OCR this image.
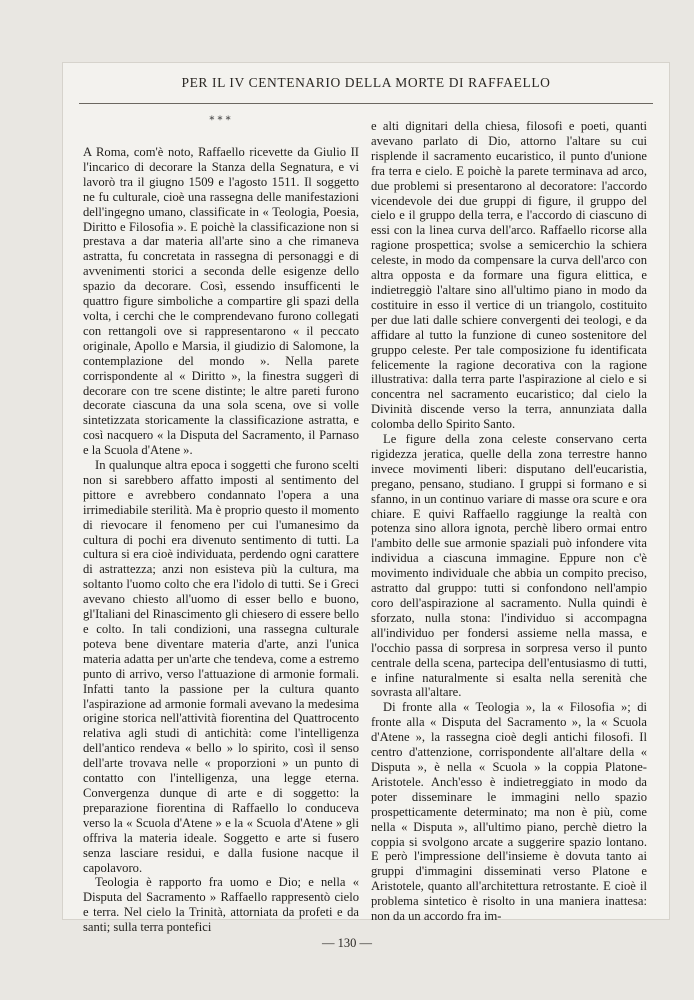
PER IL IV CENTENARIO DELLA MORTE DI RAFFAELLO
* * *

A Roma, com'è noto, Raffaello ricevette da Giulio II l'incarico di decorare la Stanza della Segnatura, e vi lavorò tra il giugno 1509 e l'agosto 1511. Il soggetto ne fu culturale, cioè una rassegna delle manifestazioni dell'ingegno umano, classificate in « Teologia, Poesia, Diritto e Filosofia ». E poichè la classificazione non si prestava a dar materia all'arte sino a che rimaneva astratta, fu concretata in rassegna di personaggi e di avvenimenti storici a seconda delle esigenze dello spazio da decorare. Così, essendo insufficenti le quattro figure simboliche a compartire gli spazi della volta, i cerchi che le comprendevano furono collegati con rettangoli ove si rappresentarono « il peccato originale, Apollo e Marsia, il giudizio di Salomone, la contemplazione del mondo ». Nella parete corrispondente al « Diritto », la finestra suggerì di decorare con tre scene distinte; le altre pareti furono decorate ciascuna da una sola scena, ove si volle sintetizzata storicamente la classificazione astratta, e così nacquero « la Disputa del Sacramento, il Parnaso e la Scuola d'Atene ».

In qualunque altra epoca i soggetti che furono scelti non si sarebbero affatto imposti al sentimento del pittore e avrebbero condannato l'opera a una irrimediabile sterilità. Ma è proprio questo il momento di rievocare il fenomeno per cui l'umanesimo da cultura di pochi era divenuto sentimento di tutti. La cultura si era cioè individuata, perdendo ogni carattere di astrattezza; anzi non esisteva più la cultura, ma soltanto l'uomo colto che era l'idolo di tutti. Se i Greci avevano chiesto all'uomo di esser bello e buono, gl'Italiani del Rinascimento gli chiesero di essere bello e colto. In tali condizioni, una rassegna culturale poteva bene diventare materia d'arte, anzi l'unica materia adatta per un'arte che tendeva, come a estremo punto di arrivo, verso l'attuazione di armonie formali. Infatti tanto la passione per la cultura quanto l'aspirazione ad armonie formali avevano la medesima origine storica nell'attività fiorentina del Quattrocento relativa agli studi di antichità: come l'intelligenza dell'antico rendeva « bello » lo spirito, così il senso dell'arte trovava nelle « proporzioni » un punto di contatto con l'intelligenza, una legge eterna. Convergenza dunque di arte e di soggetto: la preparazione fiorentina di Raffaello lo conduceva verso la « Scuola d'Atene » e la « Scuola d'Atene » gli offriva la materia ideale. Soggetto e arte si fusero senza lasciare residui, e dalla fusione nacque il capolavoro.

Teologia è rapporto fra uomo e Dio; e nella « Disputa del Sacramento » Raffaello rappresentò cielo e terra. Nel cielo la Trinità, attorniata da profeti e da santi; sulla terra pontefici

e alti dignitari della chiesa, filosofi e poeti, quanti avevano parlato di Dio, attorno l'altare su cui risplende il sacramento eucaristico, il punto d'unione fra terra e cielo. E poichè la parete terminava ad arco, due problemi si presentarono al decoratore: l'accordo vicendevole dei due gruppi di figure, il gruppo del cielo e il gruppo della terra, e l'accordo di ciascuno di essi con la linea curva dell'arco. Raffaello ricorse alla ragione prospettica; svolse a semicerchio la schiera celeste, in modo da compensare la curva dell'arco con altra opposta e da formare una figura elittica, e indietreggiò l'altare sino all'ultimo piano in modo da costituire in esso il vertice di un triangolo, costituito per due lati dalle schiere convergenti dei teologi, e da affidare al tutto la funzione di cuneo sostenitore del gruppo celeste. Per tale composizione fu identificata felicemente la ragione decorativa con la ragione illustrativa: dalla terra parte l'aspirazione al cielo e si concentra nel sacramento eucaristico; dal cielo la Divinità discende verso la terra, annunziata dalla colomba dello Spirito Santo.

Le figure della zona celeste conservano certa rigidezza jeratica, quelle della zona terrestre hanno invece movimenti liberi: disputano dell'eucaristia, pregano, pensano, studiano. I gruppi si formano e si sfanno, in un continuo variare di masse ora scure e ora chiare. E quivi Raffaello raggiunge la realtà con potenza sino allora ignota, perchè libero ormai entro l'ambito delle sue armonie spaziali può infondere vita individua a ciascuna immagine. Eppure non c'è movimento individuale che abbia un compito preciso, astratto dal gruppo: tutti si confondono nell'ampio coro dell'aspirazione al sacramento. Nulla quindi è sforzato, nulla stona: l'individuo si accompagna all'individuo per fondersi assieme nella massa, e l'occhio passa di sorpresa in sorpresa verso il punto centrale della scena, partecipa dell'entusiasmo di tutti, e infine naturalmente si esalta nella serenità che sovrasta all'altare.

Di fronte alla « Teologia », la « Filosofia »; di fronte alla « Disputa del Sacramento », la « Scuola d'Atene », la rassegna cioè degli antichi filosofi. Il centro d'attenzione, corrispondente all'altare della « Disputa », è nella « Scuola » la coppia Platone-Aristotele. Anch'esso è indietreggiato in modo da poter disseminare le immagini nello spazio prospetticamente determinato; ma non è più, come nella « Disputa », all'ultimo piano, perchè dietro la coppia si svolgono arcate a suggerire spazio lontano. E però l'impressione dell'insieme è dovuta tanto ai gruppi d'immagini disseminati verso Platone e Aristotele, quanto all'architettura retrostante. E cioè il problema sintetico è risolto in una maniera inattesa: non da un accordo fra im-

— 130 —
